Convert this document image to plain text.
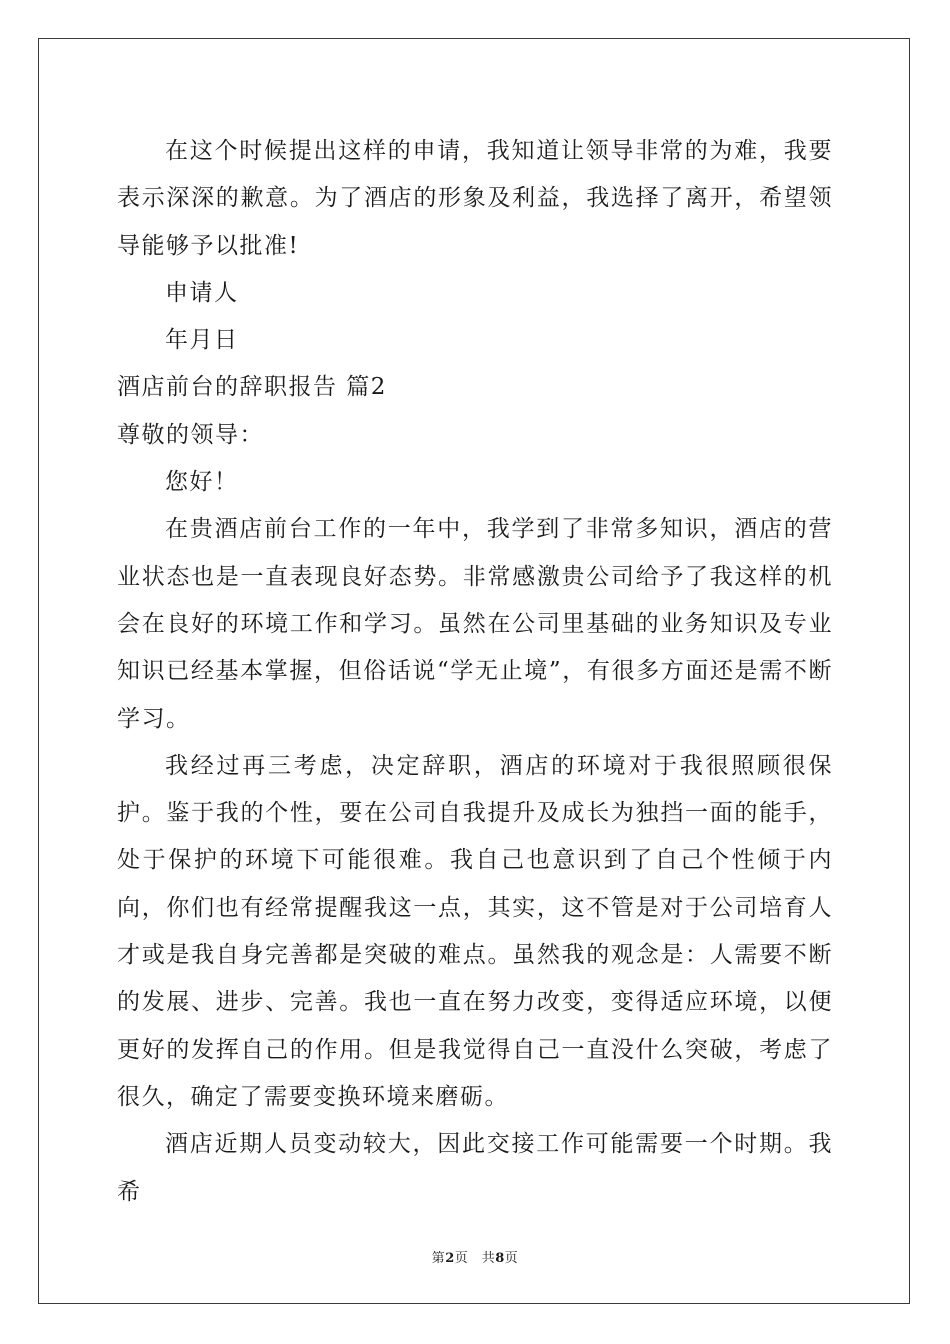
在这个时候提出这样的申请，我知道让领导非常的为难，我要表示深深的歉意。为了酒店的形象及利益，我选择了离开，希望领导能够予以批准!

申请人

年月日

酒店前台的辞职报告 篇2

尊敬的领导：

您好！

在贵酒店前台工作的一年中，我学到了非常多知识，酒店的营业状态也是一直表现良好态势。非常感激贵公司给予了我这样的机会在良好的环境工作和学习。虽然在公司里基础的业务知识及专业知识已经基本掌握，但俗话说“学无止境”，有很多方面还是需不断学习。

我经过再三考虑，决定辞职，酒店的环境对于我很照顾很保护。鉴于我的个性，要在公司自我提升及成长为独挡一面的能手，处于保护的环境下可能很难。我自己也意识到了自己个性倾于内向，你们也有经常提醒我这一点，其实，这不管是对于公司培育人才或是我自身完善都是突破的难点。虽然我的观念是：人需要不断的发展、进步、完善。我也一直在努力改变，变得适应环境，以便更好的发挥自己的作用。但是我觉得自己一直没什么突破，考虑了很久，确定了需要变换环境来磨砺。

酒店近期人员变动较大，因此交接工作可能需要一个时期。我希

第2页　共8页
